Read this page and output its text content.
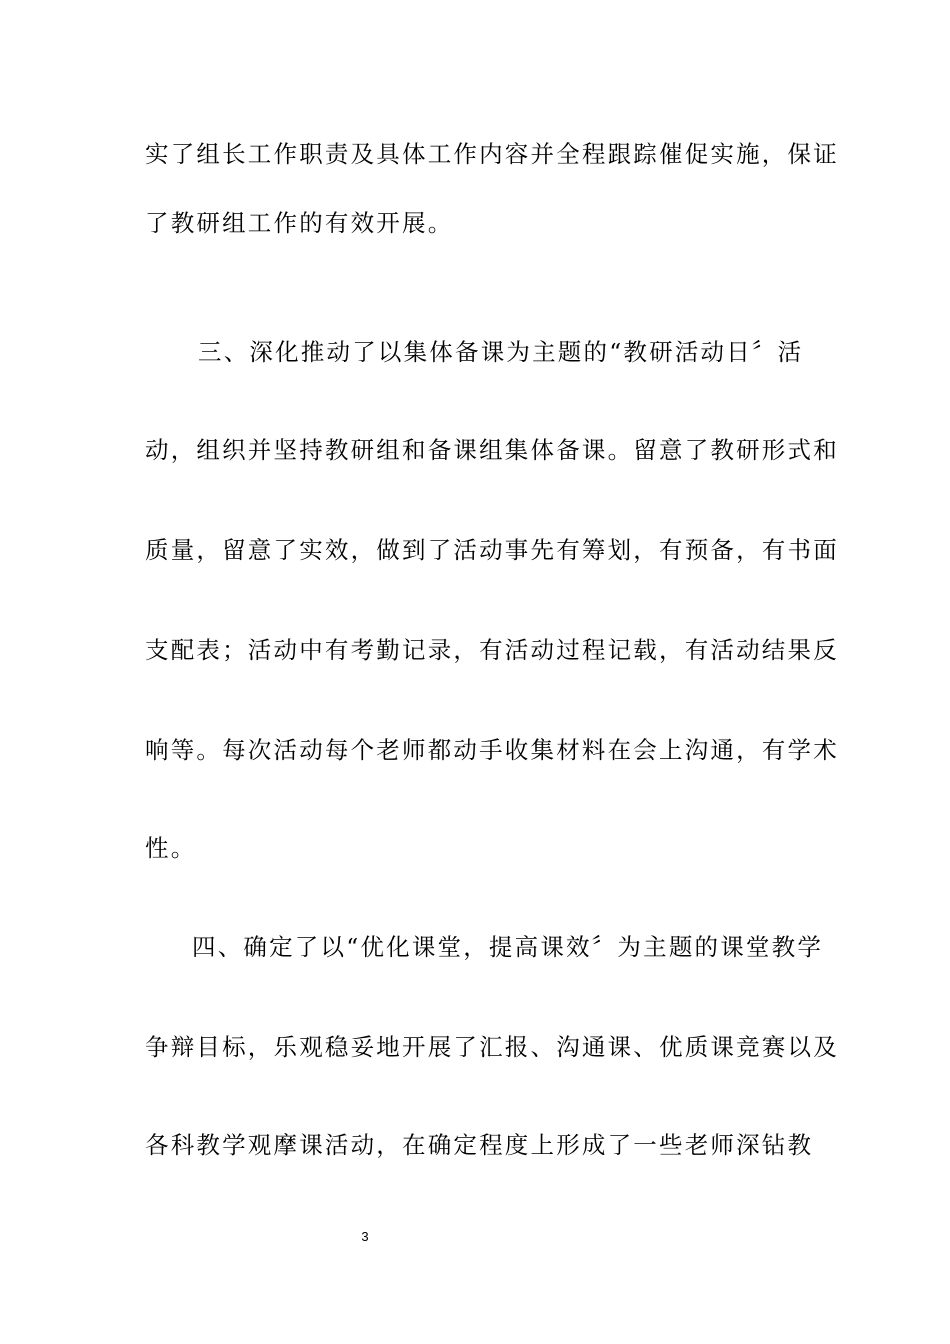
实了组长工作职责及具体工作内容并全程跟踪催促实施，保证
了教研组工作的有效开展。
三、深化推动了以集体备课为主题的“教研活动日〞活
动，组织并坚持教研组和备课组集体备课。留意了教研形式和
质量，留意了实效，做到了活动事先有筹划，有预备，有书面
支配表；活动中有考勤记录，有活动过程记载，有活动结果反
响等。每次活动每个老师都动手收集材料在会上沟通，有学术
性。
四、确定了以“优化课堂，提高课效〞为主题的课堂教学
争辩目标，乐观稳妥地开展了汇报、沟通课、优质课竞赛以及
各科教学观摩课活动，在确定程度上形成了一些老师深钻教
3
